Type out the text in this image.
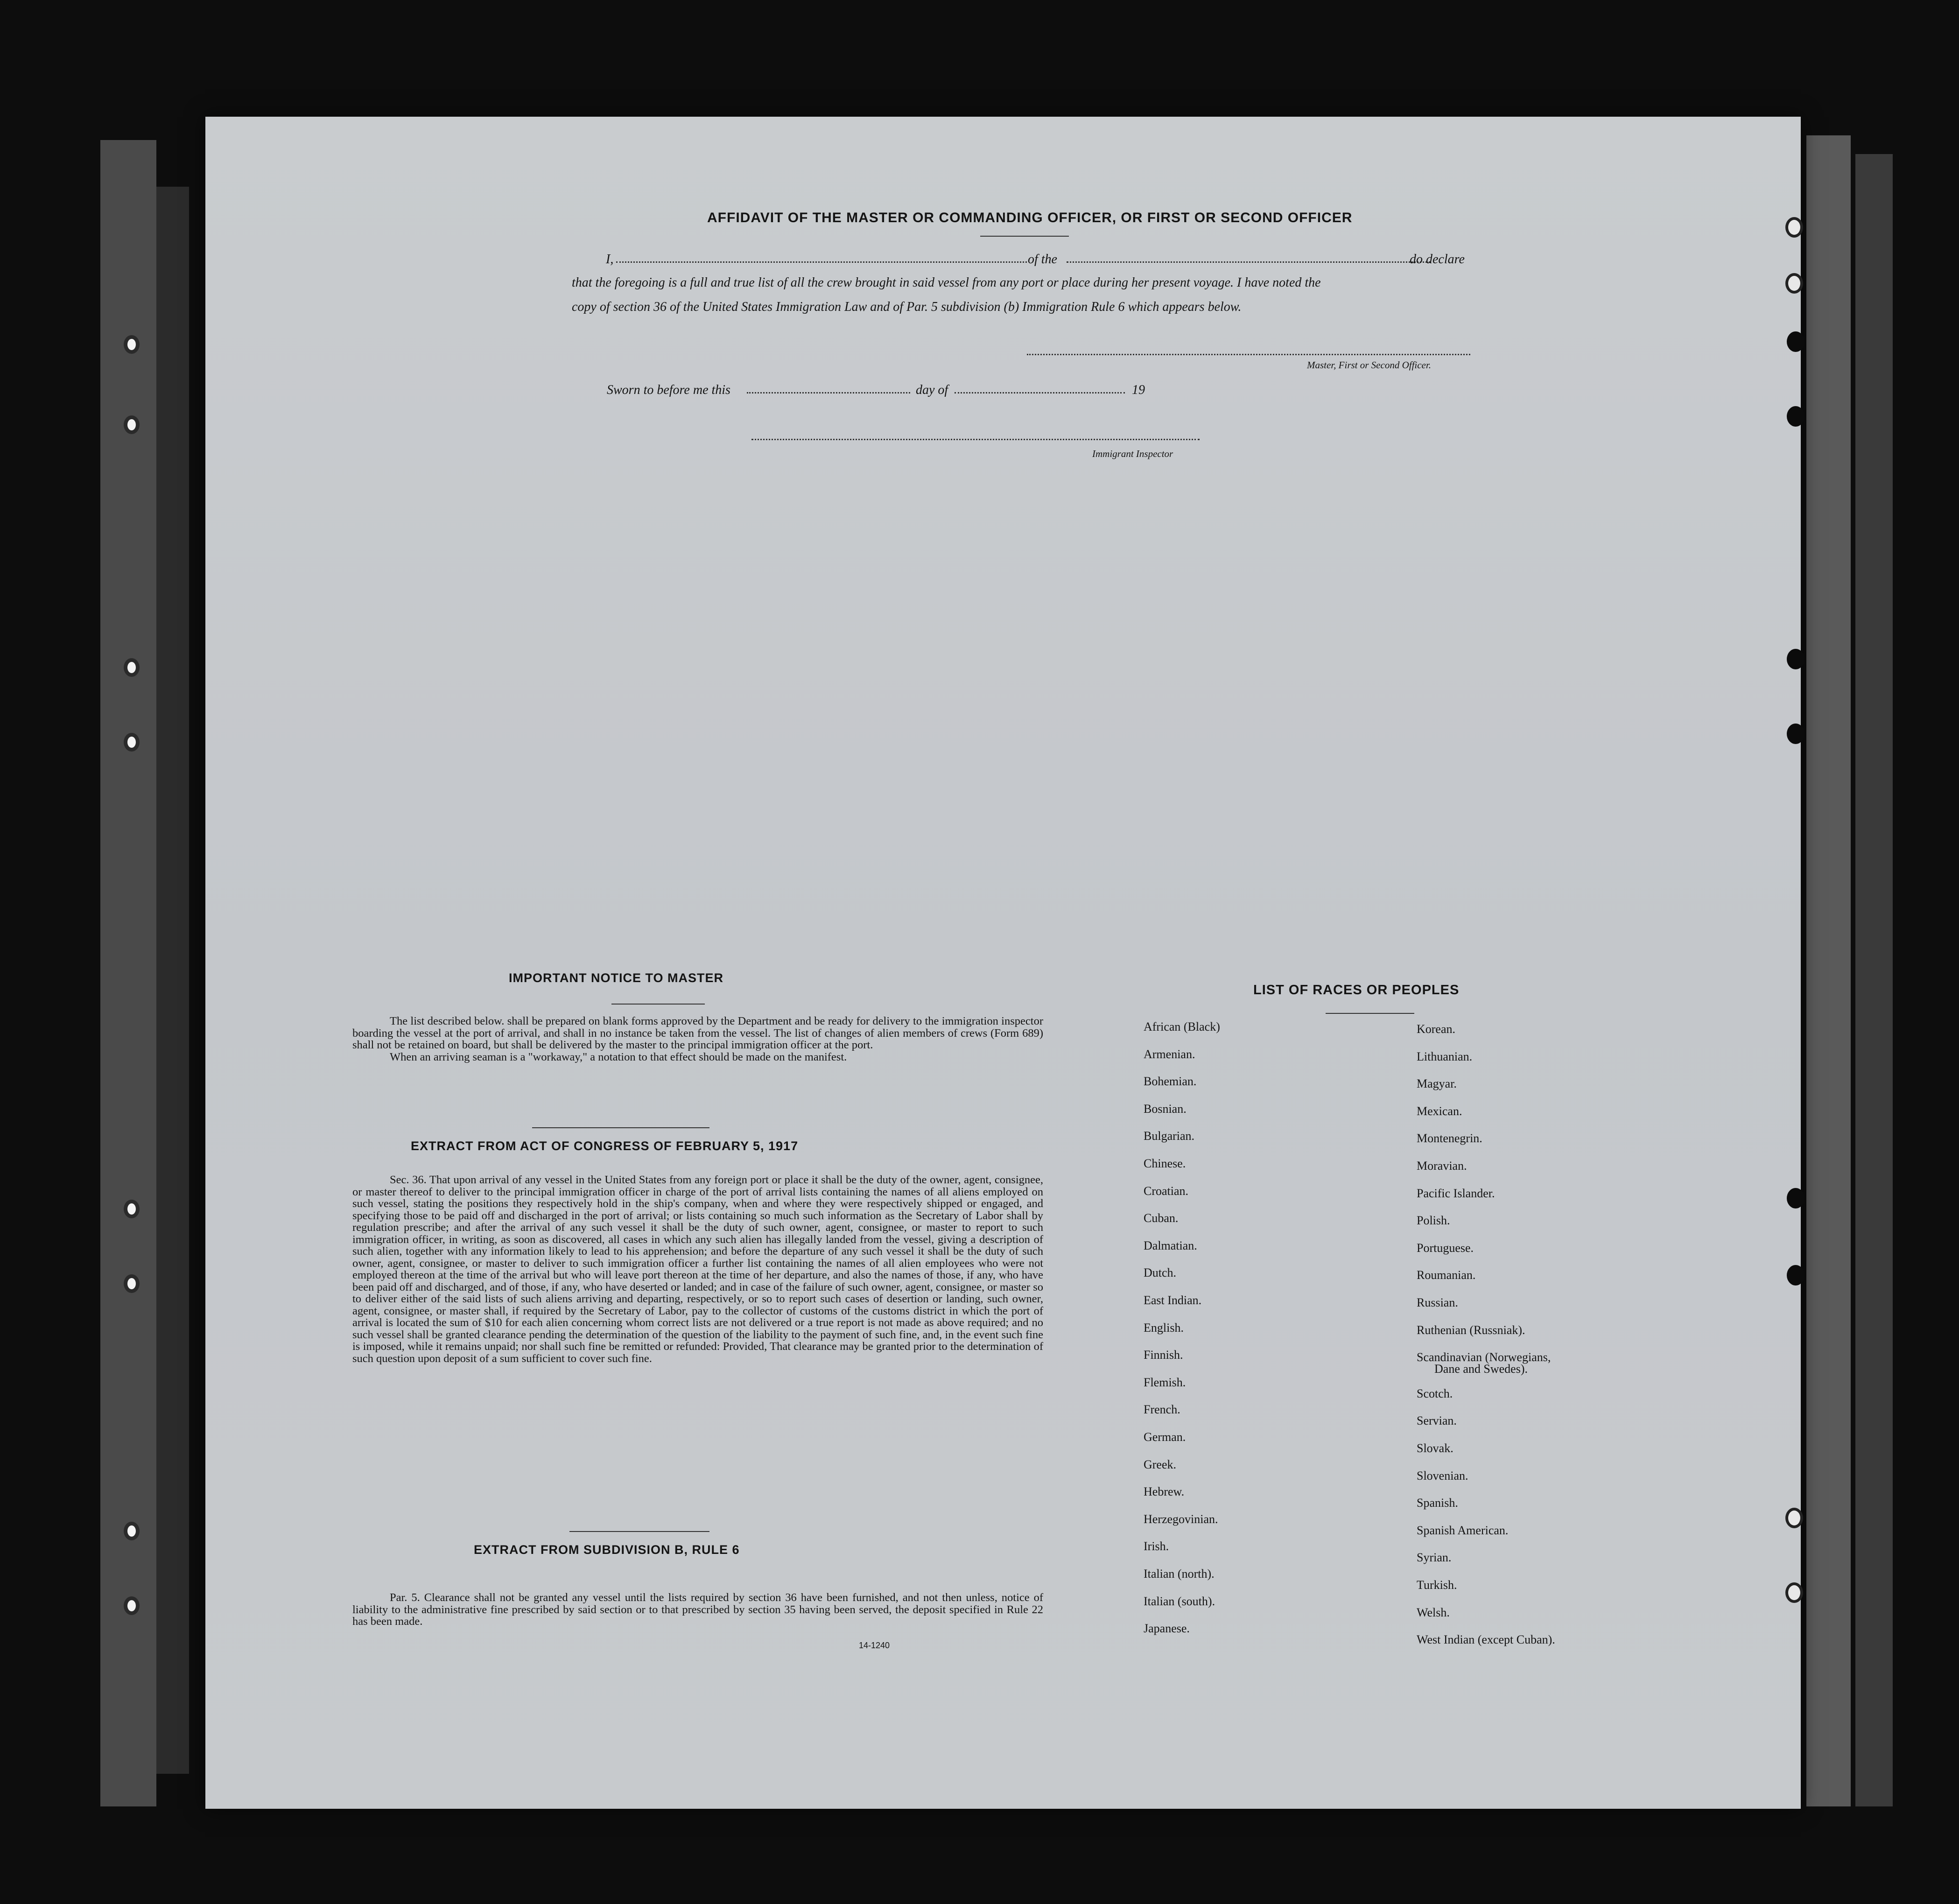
AFFIDAVIT OF THE MASTER OR COMMANDING OFFICER, OR FIRST OR SECOND OFFICER
I,	of the	do declare
that the foregoing is a full and true list of all the crew brought in said vessel from any port or place during her present voyage. I have noted the
copy of section 36 of the United States Immigration Law and of Par. 5 subdivision (b) Immigration Rule 6 which appears below.
Master, First or Second Officer.
Sworn to before me this	day of	19
Immigrant Inspector
IMPORTANT NOTICE TO MASTER

The list described below. shall be prepared on blank forms approved by the Department and be ready for delivery to the immigration inspector boarding the vessel at the port of arrival, and shall in no instance be taken from the vessel. The list of changes of alien members of crews (Form 689) shall not be retained on board, but shall be delivered by the master to the principal immigration officer at the port.

When an arriving seaman is a "workaway," a notation to that effect should be made on the manifest.

EXTRACT FROM ACT OF CONGRESS OF FEBRUARY 5, 1917

Sec. 36. That upon arrival of any vessel in the United States from any foreign port or place it shall be the duty of the owner, agent, consignee, or master thereof to deliver to the principal immigration officer in charge of the port of arrival lists containing the names of all aliens employed on such vessel, stating the positions they respectively hold in the ship's company, when and where they were respectively shipped or engaged, and specifying those to be paid off and discharged in the port of arrival; or lists containing so much such information as the Secretary of Labor shall by regulation prescribe; and after the arrival of any such vessel it shall be the duty of such owner, agent, consignee, or master to report to such immigration officer, in writing, as soon as discovered, all cases in which any such alien has illegally landed from the vessel, giving a description of such alien, together with any information likely to lead to his apprehension; and before the departure of any such vessel it shall be the duty of such owner, agent, consignee, or master to deliver to such immigration officer a further list containing the names of all alien employees who were not employed thereon at the time of the arrival but who will leave port thereon at the time of her departure, and also the names of those, if any, who have been paid off and discharged, and of those, if any, who have deserted or landed; and in case of the failure of such owner, agent, consignee, or master so to deliver either of the said lists of such aliens arriving and departing, respectively, or so to report such cases of desertion or landing, such owner, agent, consignee, or master shall, if required by the Secretary of Labor, pay to the collector of customs of the customs district in which the port of arrival is located the sum of $10 for each alien concerning whom correct lists are not delivered or a true report is not made as above required; and no such vessel shall be granted clearance pending the determination of the question of the liability to the payment of such fine, and, in the event such fine is imposed, while it remains unpaid; nor shall such fine be remitted or refunded: Provided, That clearance may be granted prior to the determination of such question upon deposit of a sum sufficient to cover such fine.

EXTRACT FROM SUBDIVISION B, RULE 6

Par. 5. Clearance shall not be granted any vessel until the lists required by section 36 have been furnished, and not then unless, notice of liability to the administrative fine prescribed by said section or to that prescribed by section 35 having been served, the deposit specified in Rule 22 has been made.

14-1240
LIST OF RACES OR PEOPLES
African (Black)
Armenian.
Bohemian.
Bosnian.
Bulgarian.
Chinese.
Croatian.
Cuban.
Dalmatian.
Dutch.
East Indian.
English.
Finnish.
Flemish.
French.
German.
Greek.
Hebrew.
Herzegovinian.
Irish.
Italian (north).
Italian (south).
Japanese.
Korean.
Lithuanian.
Magyar.
Mexican.
Montenegrin.
Moravian.
Pacific Islander.
Polish.
Portuguese.
Roumanian.
Russian.
Ruthenian (Russniak).
Scandinavian (Norwegians,
Dane and Swedes).
Scotch.
Servian.
Slovak.
Slovenian.
Spanish.
Spanish American.
Syrian.
Turkish.
Welsh.
West Indian (except Cuban).
